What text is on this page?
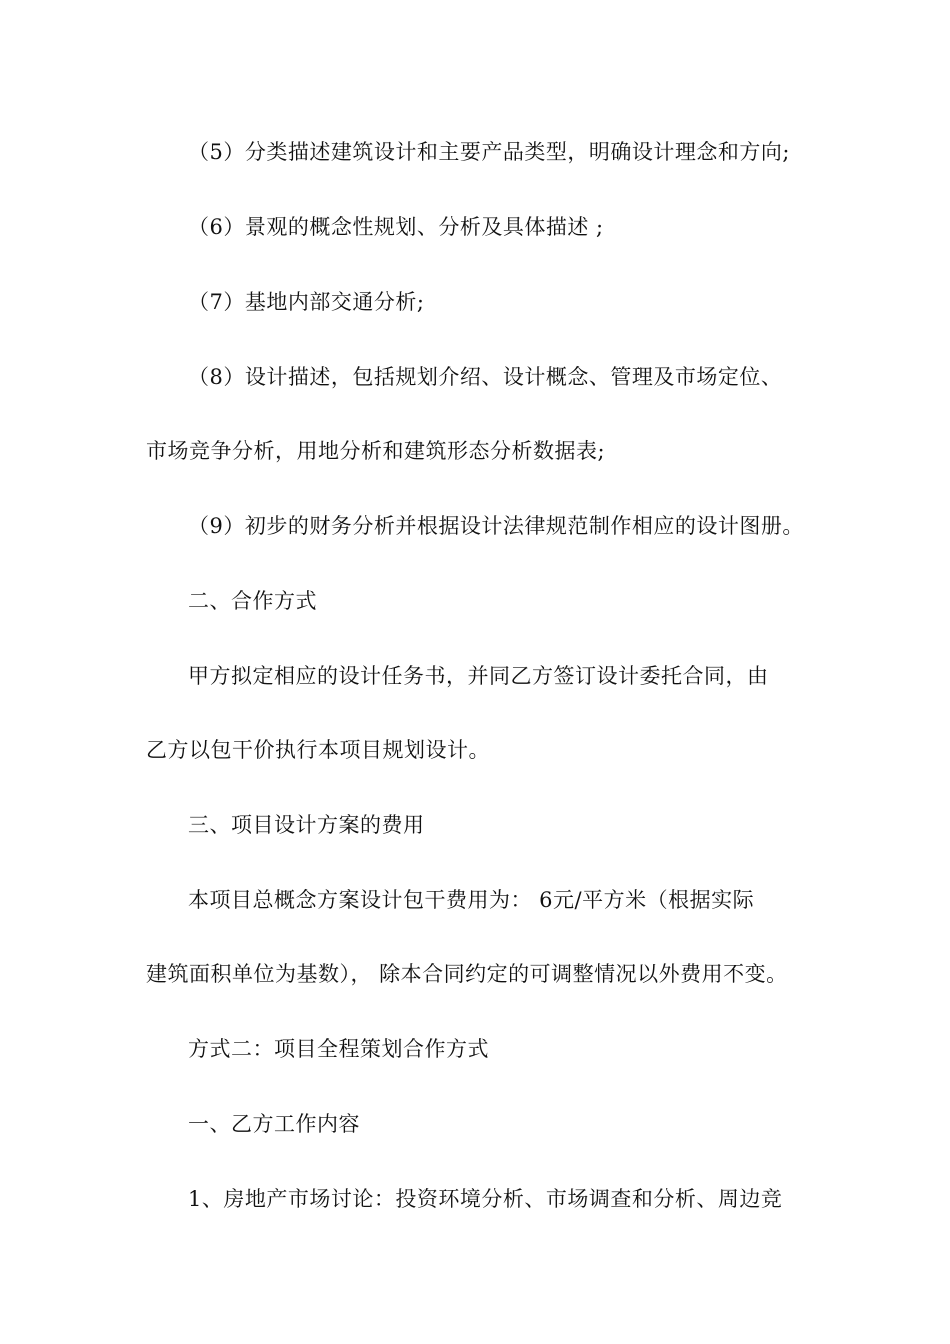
（5）分类描述建筑设计和主要产品类型，明确设计理念和方向;
（6）景观的概念性规划、分析及具体描述 ;
（7）基地内部交通分析;
（8）设计描述，包括规划介绍、设计概念、管理及市场定位、
市场竞争分析，用地分析和建筑形态分析数据表;
（9）初步的财务分析并根据设计法律规范制作相应的设计图册。
二、合作方式
甲方拟定相应的设计任务书，并同乙方签订设计委托合同，由
乙方以包干价执行本项目规划设计。
三、项目设计方案的费用
本项目总概念方案设计包干费用为： 6元/平方米（根据实际
建筑面积单位为基数）， 除本合同约定的可调整情况以外费用不变。
方式二：项目全程策划合作方式
一、乙方工作内容
1、房地产市场讨论：投资环境分析、市场调查和分析、周边竞
